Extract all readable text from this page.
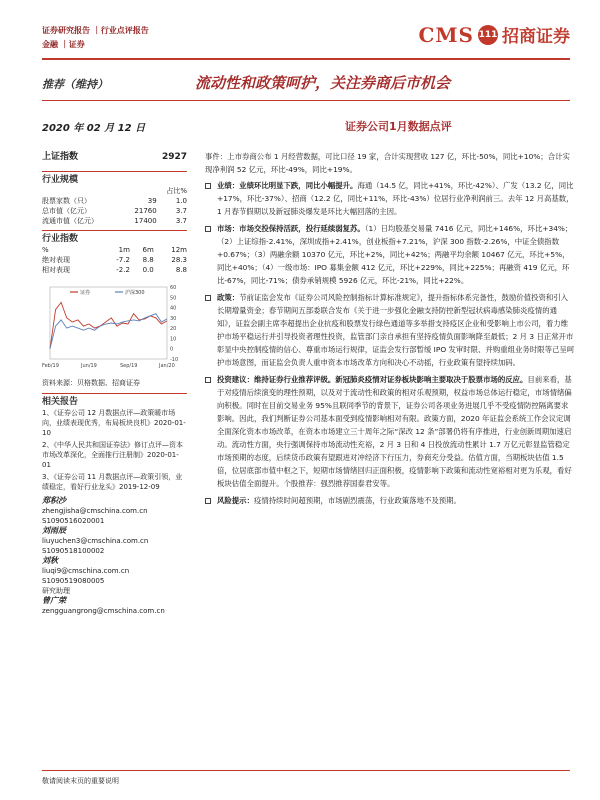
证券研究报告 ｜行业点评报告
金融 ｜证券	CMS 111 招商证券
推荐（维持）	流动性和政策呵护，关注券商后市机会
2020 年 02 月 12 日	证券公司1月数据点评
上证指数	2927
行业规模
		占比%
股票家数（只）	39	1.0
总市值（亿元）	21760	3.7
流通市值（亿元）	17400	3.7
行业指数
%	1m	6m	12m
绝对表现	-7.2	8.8	28.3
相对表现	-2.2	0.0	8.8
60
50
40
30
20
10
0
-10
Feb/19	Jun/19	Sep/19	Jan/20
证券	沪深300
资料来源：贝格数据、招商证券
相关报告

1、《证券公司 12 月数据点评—政策暖市场向，业绩表现优秀，布局板块良机》2020-01-10

2、《中华人民共和国证券法》修订点评—资本市场改革深化，全面推行注册制》2020-01-01

3、《证券公司 11 月数据点评—政策引领，业绩稳定，看好行业龙头》2019-12-09

郑积沙
zhengjisha@cmschina.com.cn
S1090516020001
刘雨辰
liuyuchen3@cmschina.com.cn
S1090518100002
刘秋
liuqi9@cmschina.com.cn
S1090519080005
研究助理
曾广荣
zengguangrong@cmschina.com.cn
事件：上市券商公布 1 月经营数据，可比口径 19 家，合计实现营收 127 亿，环比-50%，同比+10%；合计实现净利润 52 亿元，环比-49%，同比+19%。
业绩：业绩环比明显下跌，同比小幅提升。海通（14.5 亿，同比+41%，环比-42%）、广发（13.2 亿，同比+17%，环比-37%）、招商（12.2 亿，同比+11%，环比-43%）位居行业净利润前三。去年 12 月高基数，1 月春节假期以及新冠肺炎爆发是环比大幅回落的主因。
市场：市场交投保持活跃，投行延续弱复苏。（1）日均股基交易量 7416 亿元，同比+146%，环比+34%；（2）上证综指-2.41%，深圳成指+2.41%，创业板指+7.21%，沪深 300 指数-2.26%，中证全债指数+0.67%；（3）两融余额 10370 亿元，环比+2%，同比+42%；两融平均余额 10467 亿元，环比+5%，同比+40%；（4）一级市场：IPO 募集金额 412 亿元，环比+229%，同比+225%；再融资 419 亿元，环比-67%，同比-71%；债券承销规模 5926 亿元，环比-21%，同比+22%。
政策：节前证监会发布《证券公司风险控制指标计算标准规定》，提升指标体系完备性，鼓励价值投资和引入长期增量资金；春节期间五部委联合发布《关于进一步强化金融支持防控新型冠状病毒感染肺炎疫情的通知》，证监会副主席李超提出企业抗疫和股票发行绿色通道等多举措支持疫区企业和受影响上市公司，着力维护市场平稳运行并引导投资者理性投资，监管部门亲自承担有坚持疫情负面影响降至最低；2 月 3 日正常开市彰显中央控制疫情的信心、尊重市场运行规律，证监会发行部暂缓 IPO 发审时限、并购重组业务时限等己呈呵护市场意图，而证监会负责人重申资本市场改革方向和决心不动摇，行业政策有望持续加码。
投资建议：维持证券行业推荐评级。新冠肺炎疫情对证券板块影响主要取决于股票市场的反应。目前来看，基于对疫情后续演变的理性预期，以及对于流动性和政策的相对乐观预期，权益市场总体运行稳定，市场情绪偏向积极。同时在目前交易业务 95%且联同季节的背景下，证券公司各项业务进展几乎不受疫情防控隔离要求影响。因此，我们判断证券公司基本面受到疫情影响相对有限。政策方面，2020 年证监会系统工作会议定调全面深化资本市场改革，在资本市场建立三十周年之际“深改 12 条”部署仍将有序推进，行业创新周期加速启动。流动性方面，央行强调保持市场流动性充裕，2 月 3 日和 4 日投放流动性累计 1.7 万亿元彰显监管稳定市场预期的态度，后续货币政策有望跟进对冲经济下行压力，券商充分受益。估值方面，当期板块估值 1.5 倍，位居底部市值中枢之下，短期市场情绪回归正面积极，疫情影响下政策和流动性宽裕相对更为乐观，看好板块估值全面提升。个股推荐：强烈推荐国泰君安等。
风险提示：疫情持续时间超预期，市场剧烈震荡，行业政策落地不及预期。
敬请阅读末页的重要说明
